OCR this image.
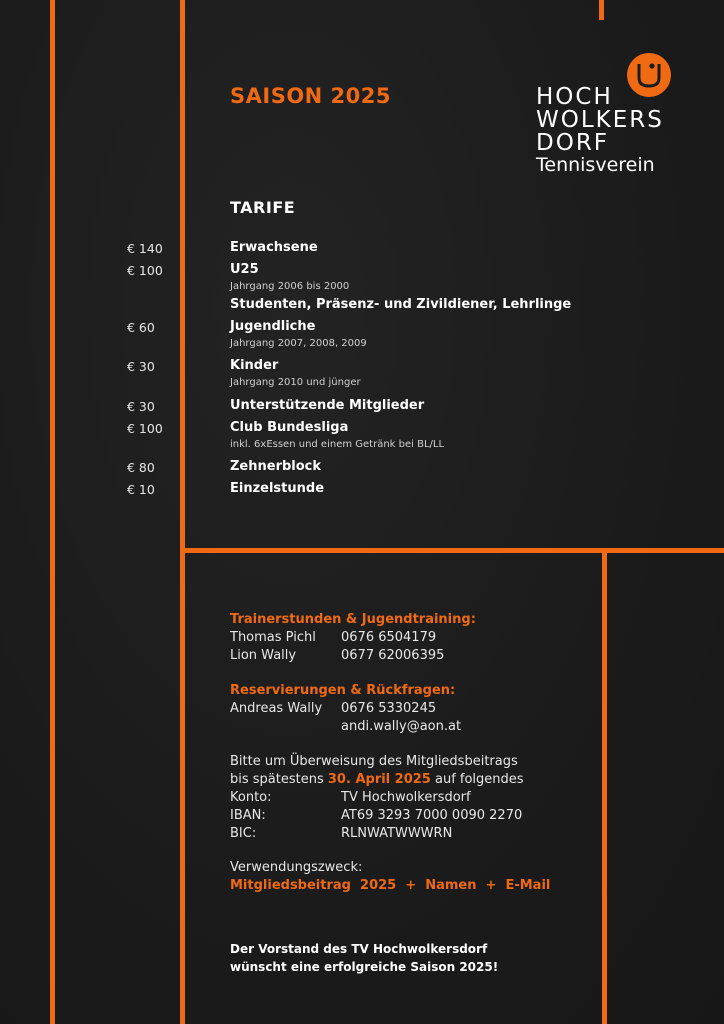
SAISON 2025	HOCH
WOLKERS
DORF
Tennisverein
TARIFE
€ 140	Erwachsene
€ 100	U25
Jahrgang 2006 bis 2000
Studenten, Präsenz- und Zivildiener, Lehrlinge
€ 60	Jugendliche
Jahrgang 2007, 2008, 2009
€ 30	Kinder
Jahrgang 2010 und jünger
€ 30	Unterstützende Mitglieder
€ 100	Club Bundesliga
inkl. 6xEssen und einem Getränk bei BL/LL
€ 80	Zehnerblock
€ 10	Einzelstunde
Trainerstunden & Jugendtraining:
Thomas Pichl 0676 6504179
Lion Wally	0677 62006395
Reservierungen & Rückfragen:
Andreas Wally 0676 5330245
andi.wally@aon.at
Bitte um Überweisung des Mitgliedsbeitrags
bis spätestens 30. April 2025 auf folgendes
Konto:	TV Hochwolkersdorf
IBAN:	AT69 3293 7000 0090 2270
BIC:	RLNWATWWWRN
Verwendungszweck:
Mitgliedsbeitrag  2025  +  Namen  +  E-Mail
Der Vorstand des TV Hochwolkersdorf
wünscht eine erfolgreiche Saison 2025!
